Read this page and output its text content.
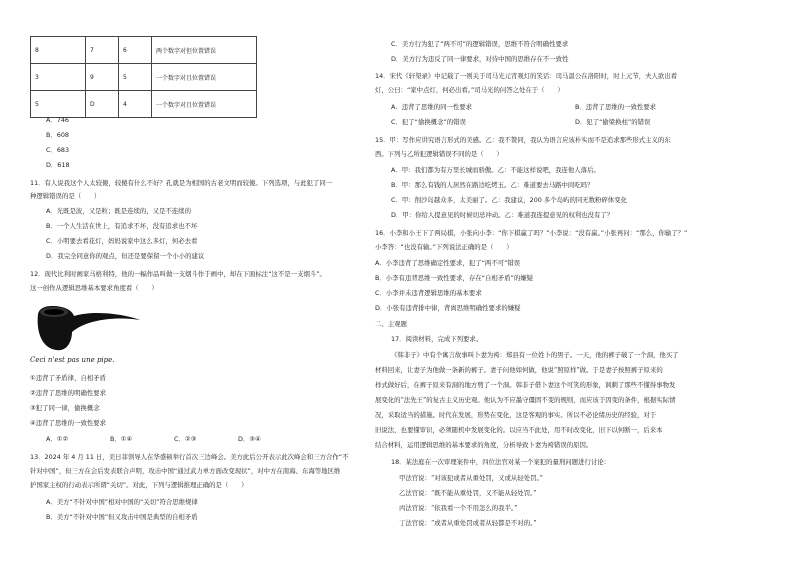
8	7	6	两个数字对但位置错误
3	9	5	一个数字对且位置错误
5	D	4	一个数字对且位置错误
A．746
B．608
C．683
D．618
11．有人说我这个人太较傻，较傻有什么不好？孔就是为相国的古老文明而较傻。下列选项，与此犯了同一
种逻辑错误的是（　　）
A．光既是波，又是粒；既是连续的，又是不连续的
B．一个人生活在世上，有追求不坏，没有追求也不坏
C．小明要去看花灯，妈妈说家中这么多灯，何必去看
D．我完全同意你的观点，但还是要保留一个小小的建议
12．现代比利时画家马格利特，他的一幅作品叫做一支烟斗作于画中，却在下面标注“这不是一支烟斗”。
这一创作从逻辑思维基本要求角度看（　　）
Ceci n'est pas une pipe.
①违背了矛盾律，自相矛盾
②违背了思维的明确性要求
③犯了同一律，偷换概念
④违背了思维的一致性要求
A．①②	B．①④	C．②③	D．③④
13．2024 年 4 月 11 日，美日菲领导人在华盛顿举行首次三边峰会。美方此后公开表示此次峰会和三方合作“不
针对中国”，但三方在会后发表联合声明，攻击中国“通过武力单方面改变现状”，对中方在南海、东海等地区维
护国家主权的行动表示所谓“关切”。对此，下列与逻辑推理正确的是（　　）
A．美方“不针对中国”相对中国的“关切”符合思维规律
B．美方“不针对中国”但又攻击中国是典型的自相矛盾
C．美方行为犯了“两不可”的逻辑错误，思维不符合明确性要求
D．美方行为违反了同一律要求，对待中国的思维存在不一致性
14．宋代《轩渠录》中记载了一则关于司马光元宵观灯的笑话：司马温公在洛阳时，时上元节，夫人欲出看
灯，公曰：“家中点灯，何必出看。”司马光的问答之处在于（　　）
A．违背了思维的同一性要求	B．违背了思维的一致性要求
C．犯了“偷换概念”的错误	D．犯了“偷梁换柱”的错误
15．甲：写作应讲究语言形式的美感。乙：我不赞同，我认为语言应该朴实而不是追求那些形式主义的东
西。下列与乙所犯逻辑错误不同的是（　　）
A．甲：我们都为有万里长城而骄傲。乙：不能这样说吧，我连他人落后。
B．甲：那么有钱的人居然在路边吃烤玉。乙：难道要去马路中间吃吗？
C．甲：削沙岛越众多，太美丽了。乙：我建议，200 多个岛屿的同无数粉碎体变化
D．甲：你给人提意见的时候切忌冲动。乙：难道我连提意见的权利也没有了？
16．小李和小王下了两局棋，小张向小李：“你下棋赢了吗？”小李说：“没有赢。”小张再问：“那么，你输了？”
小李答：“也没有输。”下列说法正确的是（　　）
A．小李违背了思维确定性要求，犯了“两不可”错误
B．小李有违背思维一致性要求，存在“自相矛盾”的嫌疑
C．小李并未违背逻辑思维的基本要求
D．小张有违背排中律，背离思维明确性要求的嫌疑
二、主观题
17．阅读材料，完成下列要求。
《韩非子》中有个寓言故事叫卜妻为袴：郑县有一位姓卜的男子。一天，他的裤子破了一个洞，他买了
材料回来，让妻子为他做一条新的裤子。妻子问他如何做，他说“照原样”做。于是妻子按照裤子原来的
样式做好后，在裤子原来有洞的地方剪了一个洞。韩非子借卜妻这个可笑的形象，讽刺了那些不懂得事物发
展变化的“法先王”的复古主义历史观。他认为不应墨守僵固不变的规则，而应该于因变的条件，根据实际情
况，采取适当的措施。时代在发展，形势在变化，这是客观的事实。所以不必论绪历史的经验，对于
旧说法，也要懂审识，必须随机中发展变化的。以应当不此处，用不时改变化，旧下以何断一，后来本
结合材料，运用逻辑思维的基本要求的角度，分析导致卜妻为袴错误的原因。
18．某法庭在一次审理案件中，四位法官对某一个案犯的量刑问题进行讨论：
甲法官说：“对该犯或者从重处罚，又或从轻处罚。”
乙法官说：“既不能从重处罚，又不能从轻处罚。”
丙法官说：“依我看一个不用怎么的我半。”
丁法官说：“或者从重处罚或者从轻都是不对的。”
